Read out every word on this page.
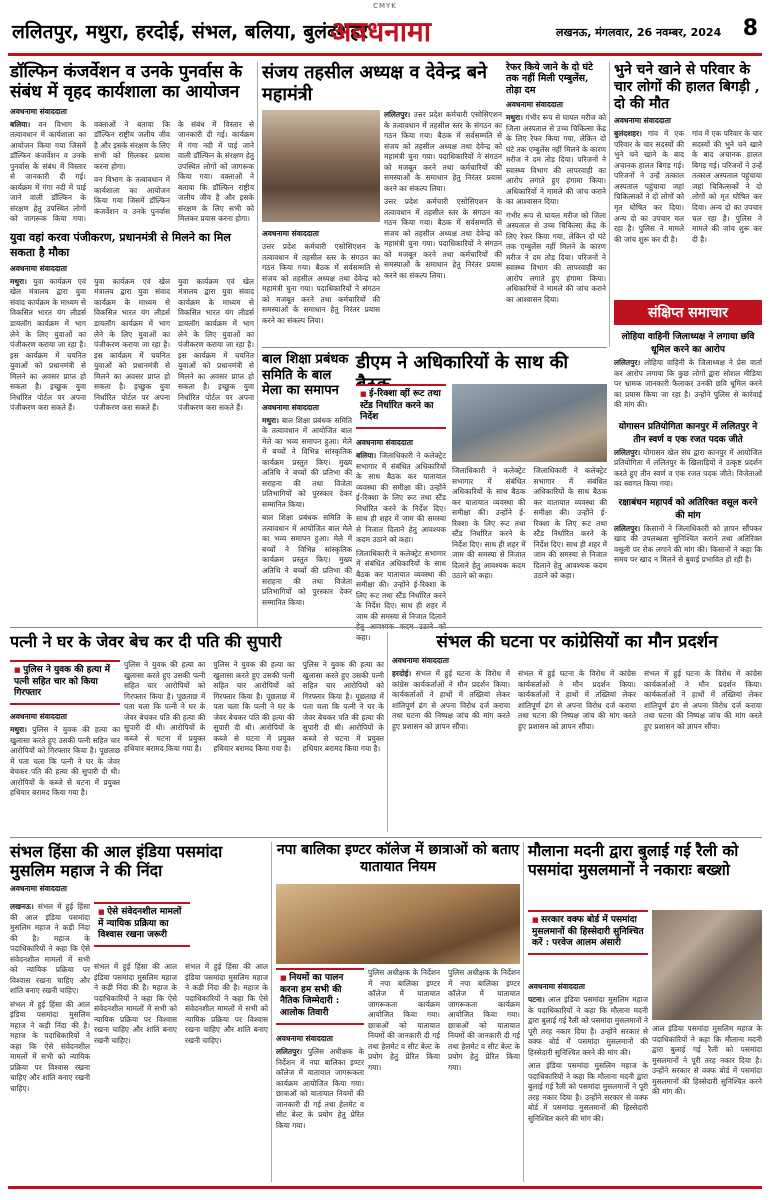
CMYK
ललितपुर, मथुरा, हरदोई, संभल, बलिया, बुलंदशहर
अवधनामा	लखनऊ, मंगलवार, 26 नवम्बर, 2024 8
डॉल्फिन कंजर्वेशन व उनके पुनर्वास के संबंध में वृहद कार्यशाला का आयोजन
अवधनामा संवाददाता

बलिया। वन विभाग के तत्वावधान में कार्यशाला का आयोजन किया गया जिसमें डॉल्फिन कंजर्वेशन व उनके पुनर्वास के संबंध में विस्तार से जानकारी दी गई। कार्यक्रम में गंगा नदी में पाई जाने वाली डॉल्फिन के संरक्षण हेतु उपस्थित लोगों को जागरूक किया गया। वक्ताओं ने बताया कि डॉल्फिन राष्ट्रीय जलीय जीव है और इसके संरक्षण के लिए सभी को मिलकर प्रयास करना होगा।

वन विभाग के तत्वावधान में कार्यशाला का आयोजन किया गया जिसमें डॉल्फिन कंजर्वेशन व उनके पुनर्वास के संबंध में विस्तार से जानकारी दी गई। कार्यक्रम में गंगा नदी में पाई जाने वाली डॉल्फिन के संरक्षण हेतु उपस्थित लोगों को जागरूक किया गया। वक्ताओं ने बताया कि डॉल्फिन राष्ट्रीय जलीय जीव है और इसके संरक्षण के लिए सभी को मिलकर प्रयास करना होगा।

युवा वहां करवा पंजीकरण, प्रधानमंत्री से मिलने का मिल सकता है मौका
अवधनामा संवाददाता

मथुरा। युवा कार्यक्रम एवं खेल मंत्रालय द्वारा युवा संवाद कार्यक्रम के माध्यम से विकसित भारत यंग लीडर्स डायलॉग कार्यक्रम में भाग लेने के लिए युवाओं का पंजीकरण कराया जा रहा है। इस कार्यक्रम में चयनित युवाओं को प्रधानमंत्री से मिलने का अवसर प्राप्त हो सकता है। इच्छुक युवा निर्धारित पोर्टल पर अपना पंजीकरण करा सकते हैं।

युवा कार्यक्रम एवं खेल मंत्रालय द्वारा युवा संवाद कार्यक्रम के माध्यम से विकसित भारत यंग लीडर्स डायलॉग कार्यक्रम में भाग लेने के लिए युवाओं का पंजीकरण कराया जा रहा है। इस कार्यक्रम में चयनित युवाओं को प्रधानमंत्री से मिलने का अवसर प्राप्त हो सकता है। इच्छुक युवा निर्धारित पोर्टल पर अपना पंजीकरण करा सकते हैं।

युवा कार्यक्रम एवं खेल मंत्रालय द्वारा युवा संवाद कार्यक्रम के माध्यम से विकसित भारत यंग लीडर्स डायलॉग कार्यक्रम में भाग लेने के लिए युवाओं का पंजीकरण कराया जा रहा है। इस कार्यक्रम में चयनित युवाओं को प्रधानमंत्री से मिलने का अवसर प्राप्त हो सकता है। इच्छुक युवा निर्धारित पोर्टल पर अपना पंजीकरण करा सकते हैं।

संजय तहसील अध्यक्ष व देवेन्द्र बने महामंत्री

ललितपुर। उत्तर प्रदेश कर्मचारी एसोसिएशन के तत्वावधान में तहसील स्तर के संगठन का गठन किया गया। बैठक में सर्वसम्मति से संजय को तहसील अध्यक्ष तथा देवेन्द्र को महामंत्री चुना गया। पदाधिकारियों ने संगठन को मजबूत करने तथा कर्मचारियों की समस्याओं के समाधान हेतु निरंतर प्रयास करने का संकल्प लिया।

उत्तर प्रदेश कर्मचारी एसोसिएशन के तत्वावधान में तहसील स्तर के संगठन का गठन किया गया। बैठक में सर्वसम्मति से संजय को तहसील अध्यक्ष तथा देवेन्द्र को महामंत्री चुना गया। पदाधिकारियों ने संगठन को मजबूत करने तथा कर्मचारियों की समस्याओं के समाधान हेतु निरंतर प्रयास करने का संकल्प लिया।

अवधनामा संवाददाता

उत्तर प्रदेश कर्मचारी एसोसिएशन के तत्वावधान में तहसील स्तर के संगठन का गठन किया गया। बैठक में सर्वसम्मति से संजय को तहसील अध्यक्ष तथा देवेन्द्र को महामंत्री चुना गया। पदाधिकारियों ने संगठन को मजबूत करने तथा कर्मचारियों की समस्याओं के समाधान हेतु निरंतर प्रयास करने का संकल्प लिया।

रेफर किये जाने के दो घंटे तक नहीं मिली एम्बुलेंस, तोड़ा दम
अवधनामा संवाददाता

मथुरा। गंभीर रूप से घायल मरीज को जिला अस्पताल से उच्च चिकित्सा केंद्र के लिए रेफर किया गया, लेकिन दो घंटे तक एम्बुलेंस नहीं मिलने के कारण मरीज ने दम तोड़ दिया। परिजनों ने स्वास्थ्य विभाग की लापरवाही का आरोप लगाते हुए हंगामा किया। अधिकारियों ने मामले की जांच कराने का आश्वासन दिया।

गंभीर रूप से घायल मरीज को जिला अस्पताल से उच्च चिकित्सा केंद्र के लिए रेफर किया गया, लेकिन दो घंटे तक एम्बुलेंस नहीं मिलने के कारण मरीज ने दम तोड़ दिया। परिजनों ने स्वास्थ्य विभाग की लापरवाही का आरोप लगाते हुए हंगामा किया। अधिकारियों ने मामले की जांच कराने का आश्वासन दिया।

भुने चने खाने से परिवार के चार लोगों की हालत बिगड़ी , दो की मौत
अवधनामा संवाददाता

बुलंदशहर। गांव में एक परिवार के चार सदस्यों की भुने चने खाने के बाद अचानक हालत बिगड़ गई। परिजनों ने उन्हें तत्काल अस्पताल पहुंचाया जहां चिकित्सकों ने दो लोगों को मृत घोषित कर दिया। अन्य दो का उपचार चल रहा है। पुलिस ने मामले की जांच शुरू कर दी है।

गांव में एक परिवार के चार सदस्यों की भुने चने खाने के बाद अचानक हालत बिगड़ गई। परिजनों ने उन्हें तत्काल अस्पताल पहुंचाया जहां चिकित्सकों ने दो लोगों को मृत घोषित कर दिया। अन्य दो का उपचार चल रहा है। पुलिस ने मामले की जांच शुरू कर दी है।

संक्षिप्त समाचार
लोहिया वाहिनी जिलाध्यक्ष ने लगाया छवि धूमिल करने का आरोप

ललितपुर। लोहिया वाहिनी के जिलाध्यक्ष ने प्रेस वार्ता कर आरोप लगाया कि कुछ लोगों द्वारा सोशल मीडिया पर भ्रामक जानकारी फैलाकर उनकी छवि धूमिल करने का प्रयास किया जा रहा है। उन्होंने पुलिस से कार्रवाई की मांग की।

योगासन प्रतियोगिता कानपुर में ललितपुर ने तीन स्वर्ण व एक रजत पदक जीते

ललितपुर। योगासन खेल संघ द्वारा कानपुर में आयोजित प्रतियोगिता में ललितपुर के खिलाड़ियों ने उत्कृष्ट प्रदर्शन करते हुए तीन स्वर्ण व एक रजत पदक जीते। विजेताओं का स्वागत किया गया।

रक्षाबंधन महापर्व को अतिरिक्त वसूल करने की मांग

ललितपुर। किसानों ने जिलाधिकारी को ज्ञापन सौंपकर खाद की उपलब्धता सुनिश्चित कराने तथा अतिरिक्त वसूली पर रोक लगाने की मांग की। किसानों ने कहा कि समय पर खाद न मिलने से बुवाई प्रभावित हो रही है।

बाल शिक्षा प्रबंधक समिति के बाल मेला का समापन
अवधनामा संवाददाता

मथुरा। बाल शिक्षा प्रबंधक समिति के तत्वावधान में आयोजित बाल मेले का भव्य समापन हुआ। मेले में बच्चों ने विभिन्न सांस्कृतिक कार्यक्रम प्रस्तुत किए। मुख्य अतिथि ने बच्चों की प्रतिभा की सराहना की तथा विजेता प्रतिभागियों को पुरस्कार देकर सम्मानित किया।

बाल शिक्षा प्रबंधक समिति के तत्वावधान में आयोजित बाल मेले का भव्य समापन हुआ। मेले में बच्चों ने विभिन्न सांस्कृतिक कार्यक्रम प्रस्तुत किए। मुख्य अतिथि ने बच्चों की प्रतिभा की सराहना की तथा विजेता प्रतिभागियों को पुरस्कार देकर सम्मानित किया।

डीएम ने अधिकारियों के साथ की
■ ई-रिक्शा व्हीं रूट तथा स्टेंड निर्धारित करने का निर्देश
अवधनामा संवाददाता

बलिया। जिलाधिकारी ने कलेक्ट्रेट सभागार में संबंधित अधिकारियों के साथ बैठक कर यातायात व्यवस्था की समीक्षा की। उन्होंने ई-रिक्शा के लिए रूट तथा स्टैंड निर्धारित करने के निर्देश दिए। साथ ही शहर में जाम की समस्या से निजात दिलाने हेतु आवश्यक कदम उठाने को कहा।

जिलाधिकारी ने कलेक्ट्रेट सभागार में संबंधित अधिकारियों के साथ बैठक कर यातायात व्यवस्था की समीक्षा की। उन्होंने ई-रिक्शा के लिए रूट तथा स्टैंड निर्धारित करने के निर्देश दिए। साथ ही शहर में जाम की समस्या से निजात दिलाने कहा।

जिलाधिकारी ने कलेक्ट्रेट सभागार में संबंधित अधिकारियों के साथ बैठक कर यातायात व्यवस्था की समीक्षा की। उन्होंने ई-रिक्शा के लिए रूट तथा स्टैंड निर्धारित करने के निर्देश दिए। साथ ही शहर में जाम की समस्या से निजात दिलाने हेतु आवश्यक कदम उठाने को कहा।

जिलाधिकारी ने कलेक्ट्रेट सभागार में संबंधित अधिकारियों के साथ बैठक कर यातायात व्यवस्था की समीक्षा की। उन्होंने ई-रिक्शा के लिए रूट तथा स्टैंड निर्धारित करने के निर्देश दिए। साथ ही शहर में जाम की समस्या से निजात दिलाने हेतु आवश्यक कदम उठाने को कहा।

पत्नी ने घर के जेवर बेच कर दी पति की सुपारी
■ पुलिस ने युवक की हत्या में पत्नी सहित चार को किया गिरफ्तार
अवधनामा संवाददाता

मथुरा। पुलिस ने युवक की हत्या का खुलासा करते हुए उसकी पत्नी सहित चार आरोपियों को गिरफ्तार किया है। पूछताछ में पता चला कि पत्नी ने घर के जेवर बेचकर पति की हत्या की सुपारी दी थी। आरोपियों के कब्जे से घटना में प्रयुक्त हथियार बरामद किया गया है।

पुलिस ने युवक की हत्या का खुलासा करते हुए उसकी पत्नी सहित चार आरोपियों को गिरफ्तार किया है। पूछताछ में पता चला कि पत्नी ने घर के जेवर बेचकर पति की हत्या की सुपारी दी थी। आरोपियों के कब्जे से घटना में प्रयुक्त हथियार बरामद किया गया है।

पुलिस ने युवक की हत्या का खुलासा करते हुए उसकी पत्नी सहित चार आरोपियों को गिरफ्तार किया है। पूछताछ में पता चला कि पत्नी ने घर के जेवर बेचकर पति की हत्या की सुपारी दी थी। आरोपियों के कब्जे से घटना में प्रयुक्त हथियार बरामद किया गया है।

पुलिस ने युवक की हत्या का खुलासा करते हुए उसकी पत्नी सहित चार आरोपियों को गिरफ्तार किया है। पूछताछ में पता चला कि पत्नी ने घर के जेवर बेचकर पति की हत्या की सुपारी दी थी। आरोपियों के कब्जे से घटना में प्रयुक्त हथियार बरामद किया गया है।

संभल की घटना पर कांग्रेसियों का मौन प्रदर्शन
अवधनामा संवाददाता

हरदोई। संभल में हुई घटना के विरोध में कांग्रेस कार्यकर्ताओं ने मौन प्रदर्शन किया। कार्यकर्ताओं ने हाथों में तख्तियां लेकर शांतिपूर्ण ढंग से अपना विरोध दर्ज कराया तथा घटना की निष्पक्ष जांच की मांग करते हुए प्रशासन को ज्ञापन सौंपा।

संभल में हुई घटना के विरोध में कांग्रेस कार्यकर्ताओं ने मौन प्रदर्शन किया। कार्यकर्ताओं ने हाथों में तख्तियां लेकर शांतिपूर्ण ढंग से अपना विरोध दर्ज कराया तथा घटना की निष्पक्ष जांच की मांग करते हुए प्रशासन को ज्ञापन सौंपा।

संभल में हुई घटना के विरोध में कांग्रेस कार्यकर्ताओं ने मौन प्रदर्शन किया। कार्यकर्ताओं ने हाथों में तख्तियां लेकर शांतिपूर्ण ढंग से अपना विरोध दर्ज कराया तथा घटना की निष्पक्ष जांच की मांग करते हुए प्रशासन को ज्ञापन सौंपा।

संभल हिंसा की आल इंडिया पसमांदा मुसलिम महाज ने की निंदा
अवधनामा संवाददाता

लखनऊ। संभल में हुई हिंसा की आल इंडिया पसमांदा मुसलिम महाज ने कड़ी निंदा की है। महाज के पदाधिकारियों ने कहा कि ऐसे संवेदनशील मामलों में सभी को न्यायिक प्रक्रिया पर विश्वास रखना चाहिए और शांति बनाए रखनी चाहिए।

संभल में हुई हिंसा की आल इंडिया पसमांदा मुसलिम महाज ने कड़ी निंदा की है। महाज के पदाधिकारियों ने कहा कि ऐसे संवेदनशील मामलों में सभी को न्यायिक प्रक्रिया पर विश्वास रखना चाहिए और शांति बनाए रखनी चाहिए।

■ ऐसे संवेदनशील मामलों में न्यायिक प्रक्रिया का विश्वास रखना जरूरी

संभल में हुई हिंसा की आल इंडिया पसमांदा मुसलिम महाज ने कड़ी निंदा की है। महाज के पदाधिकारियों ने कहा कि ऐसे संवेदनशील मामलों में सभी को न्यायिक प्रक्रिया पर विश्वास रखना चाहिए और शांति बनाए रखनी चाहिए।

संभल में हुई हिंसा की आल इंडिया पसमांदा मुसलिम महाज ने कड़ी निंदा की है। महाज के पदाधिकारियों ने कहा कि ऐसे संवेदनशील मामलों में सभी को न्यायिक प्रक्रिया पर विश्वास रखना चाहिए और शांति बनाए रखनी चाहिए।

नपा बालिका इण्टर कॉलेज में छात्राओं को बताए यातायात नियम
■ नियमों का पालन करना हम सभी की नैतिक जिम्मेदारी : आलोक तिवारी
अवधनामा संवाददाता

ललितपुर। पुलिस अधीक्षक के निर्देशन में नपा बालिका इण्टर कॉलेज में यातायात जागरूकता कार्यक्रम आयोजित किया गया। छात्राओं को यातायात नियमों की जानकारी दी गई तथा हेलमेट व सीट बेल्ट के प्रयोग हेतु प्रेरित किया गया।

पुलिस अधीक्षक के निर्देशन में नपा बालिका इण्टर कॉलेज में यातायात जागरूकता कार्यक्रम आयोजित किया गया। छात्राओं को यातायात नियमों की जानकारी दी गई तथा हेलमेट व सीट बेल्ट के प्रयोग हेतु प्रेरित किया गया।

पुलिस अधीक्षक के निर्देशन में नपा बालिका इण्टर कॉलेज में यातायात जागरूकता कार्यक्रम आयोजित किया गया। छात्राओं को यातायात नियमों की जानकारी दी गई तथा हेलमेट व सीट बेल्ट के प्रयोग हेतु प्रेरित किया गया।

मौलाना मदनी द्वारा बुलाई गई रैली को पसमांदा मुसलमानों ने नकाराः बख्शो
■ सरकार वक्फ बोर्ड में पसमांदा मुसलमानों की हिस्सेदारी सुनिश्चित करें : परवेज आलम अंसारी
अवधनामा संवाददाता

पटना। आल इंडिया पसमांदा मुसलिम महाज के पदाधिकारियों ने कहा कि मौलाना मदनी द्वारा बुलाई गई रैली को पसमांदा मुसलमानों ने पूरी तरह नकार दिया है। उन्होंने सरकार से वक्फ बोर्ड में पसमांदा मुसलमानों की हिस्सेदारी सुनिश्चित करने की मांग की।

आल इंडिया पसमांदा मुसलिम महाज के पदाधिकारियों ने कहा कि मौलाना मदनी द्वारा बुलाई गई रैली को पसमांदा मुसलमानों ने पूरी तरह नकार दिया है। उन्होंने सरकार से वक्फ बोर्ड में पसमांदा मुसलमानों की हिस्सेदारी सुनिश्चित करने की मांग की।

आल इंडिया पसमांदा मुसलिम महाज के पदाधिकारियों ने कहा कि मौलाना मदनी द्वारा बुलाई गई रैली को पसमांदा मुसलमानों ने पूरी तरह नकार दिया है। उन्होंने सरकार से वक्फ बोर्ड में पसमांदा मुसलमानों की हिस्सेदारी सुनिश्चित करने की मांग की।
